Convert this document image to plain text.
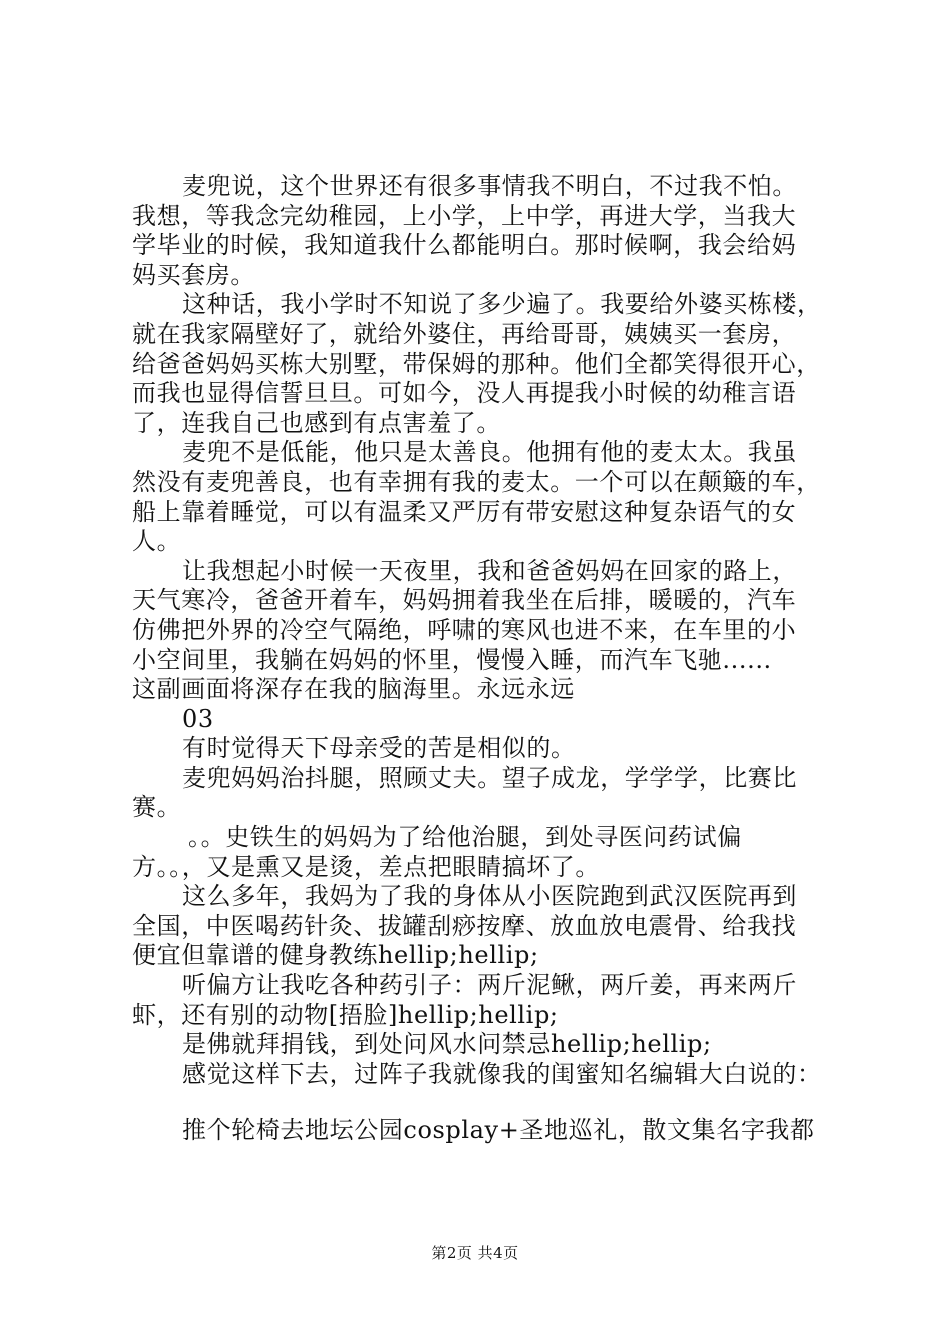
麦兜说，这个世界还有很多事情我不明白，不过我不怕。
我想，等我念完幼稚园，上小学，上中学，再进大学，当我大
学毕业的时候，我知道我什么都能明白。那时候啊，我会给妈
妈买套房。
这种话，我小学时不知说了多少遍了。我要给外婆买栋楼，
就在我家隔壁好了，就给外婆住，再给哥哥，姨姨买一套房，
给爸爸妈妈买栋大别墅，带保姆的那种。他们全都笑得很开心，
而我也显得信誓旦旦。可如今，没人再提我小时候的幼稚言语
了，连我自己也感到有点害羞了。
麦兜不是低能，他只是太善良。他拥有他的麦太太。我虽
然没有麦兜善良，也有幸拥有我的麦太。一个可以在颠簸的车，
船上靠着睡觉，可以有温柔又严厉有带安慰这种复杂语气的女
人。
让我想起小时候一天夜里，我和爸爸妈妈在回家的路上，
天气寒冷，爸爸开着车，妈妈拥着我坐在后排，暖暖的，汽车
仿佛把外界的冷空气隔绝，呼啸的寒风也进不来，在车里的小
小空间里，我躺在妈妈的怀里，慢慢入睡，而汽车飞驰......
这副画面将深存在我的脑海里。永远永远
03
有时觉得天下母亲受的苦是相似的。
麦兜妈妈治抖腿，照顾丈夫。望子成龙，学学学，比赛比
赛。
。。史铁生的妈妈为了给他治腿，到处寻医问药试偏
方。。，又是熏又是烫，差点把眼睛搞坏了。
这么多年，我妈为了我的身体从小医院跑到武汉医院再到
全国，中医喝药针灸、拔罐刮痧按摩、放血放电震骨、给我找
便宜但靠谱的健身教练hellip;hellip;
听偏方让我吃各种药引子：两斤泥鳅，两斤姜，再来两斤
虾，还有别的动物[捂脸]hellip;hellip;
是佛就拜捐钱，到处问风水问禁忌hellip;hellip;
感觉这样下去，过阵子我就像我的闺蜜知名编辑大白说的：
推个轮椅去地坛公园cosplay+圣地巡礼，散文集名字我都
第2页 共4页
